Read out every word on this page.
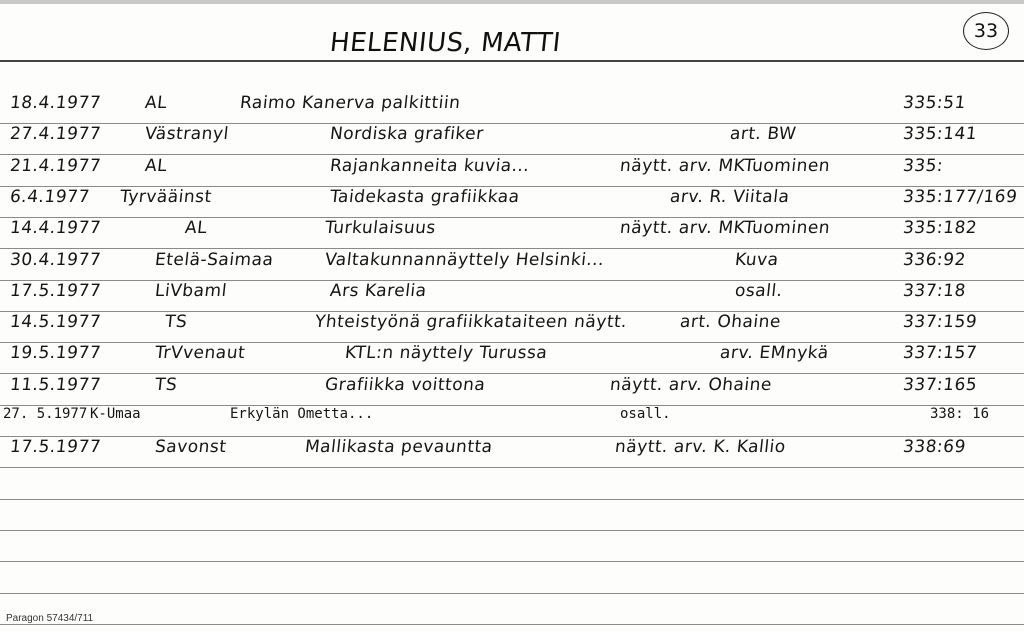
HELENIUS, MATTI	33
18.4.1977 AL	Raimo Kanerva palkittiin	335:51
27.4.1977 Västranyl	Nordiska grafiker	art. BW	335:141
21.4.1977 AL	Rajankanneita kuvia...	näytt. arv. MKTuominen	335:
6.4.1977 Tyrvääinst	Taidekasta grafiikkaa	arv. R. Viitala	335:177/169
14.4.1977	AL	Turkulaisuus	näytt. arv. MKTuominen	335:182
30.4.1977	Etelä-Saimaa	Valtakunnannäyttely Helsinki...	Kuva	336:92
17.5.1977	LiVbaml	Ars Karelia	osall.	337:18
14.5.1977	TS	Yhteistyönä grafiikkataiteen näytt.	art. Ohaine	337:159
19.5.1977	TrVvenaut	KTL:n näyttely Turussa	arv. EMnykä	337:157
11.5.1977	TS	Grafiikka voittona	näytt. arv. Ohaine	337:165
27. 5.1977 K-Umaa	Erkylän Ometta...	osall.	338: 16
17.5.1977	Savonst	Mallikasta pevauntta	näytt. arv. K. Kallio	338:69
Paragon 57434/711
